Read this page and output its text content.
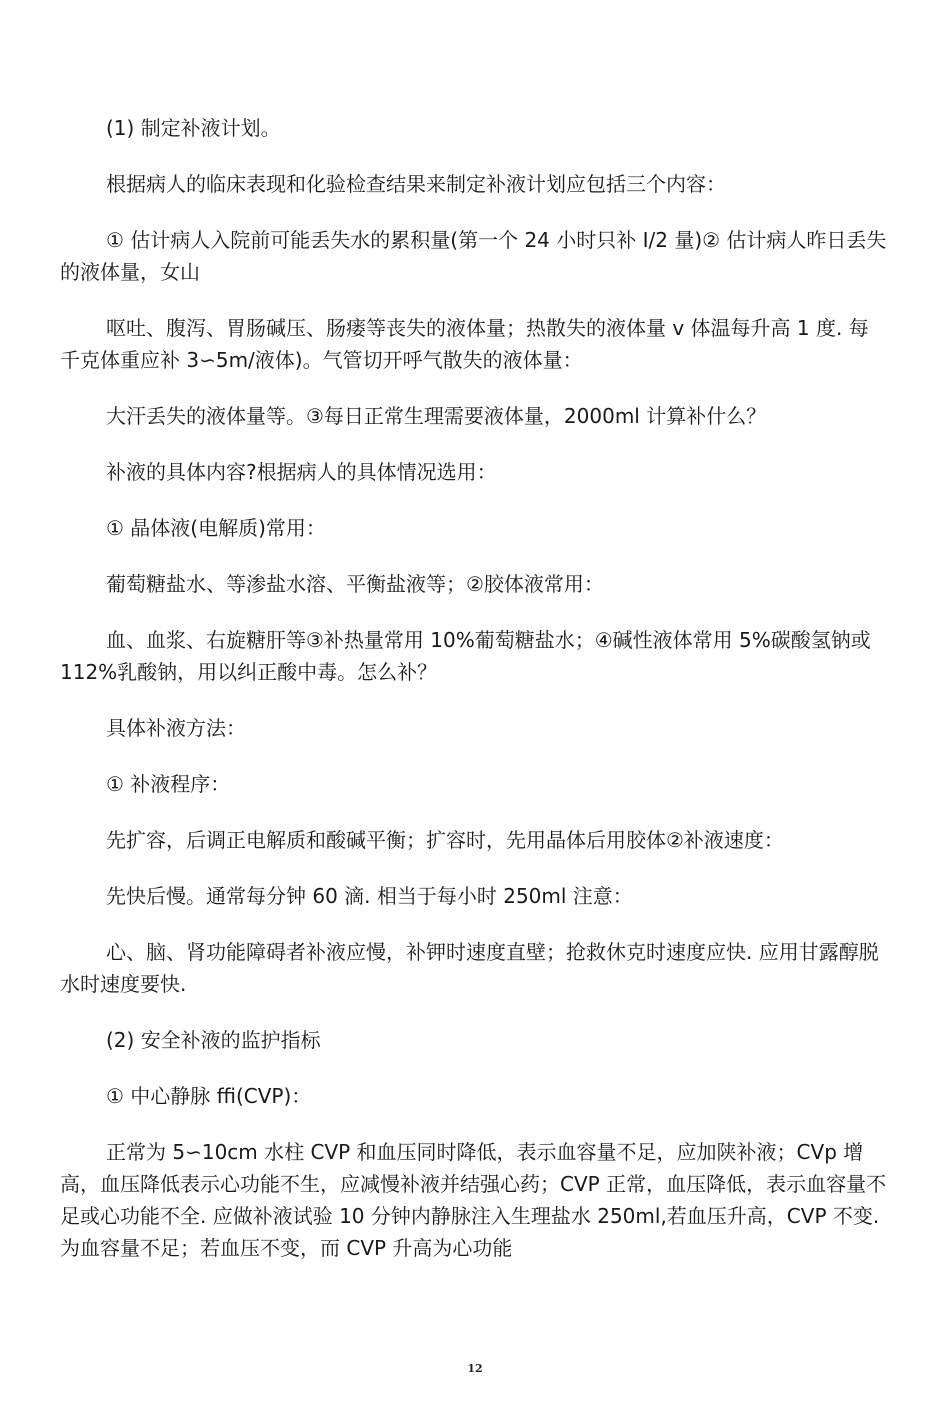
(1) 制定补液计划。

根据病人的临床表现和化验检查结果来制定补液计划应包括三个内容：

① 估计病人入院前可能丢失水的累积量(第一个 24 小时只补 I/2 量)② 估计病人昨日丢失的液体量，女山

呕吐、腹泻、胃肠碱压、肠瘘等丧失的液体量；热散失的液体量 v 体温每升高 1 度. 每千克体重应补 3∽5m/液体)。气管切开呼气散失的液体量：

大汗丢失的液体量等。③每日正常生理需要液体量，2000ml 计算补什么？

补液的具体内容?根据病人的具体情况选用：

① 晶体液(电解质)常用：

葡萄糖盐水、等渗盐水溶、平衡盐液等；②胶体液常用：

血、血浆、右旋糖肝等③补热量常用 10%葡萄糖盐水；④碱性液体常用 5%碳酸氢钠或 112%乳酸钠，用以纠正酸中毒。怎么补？

具体补液方法：

① 补液程序：

先扩容，后调正电解质和酸碱平衡；扩容时，先用晶体后用胶体②补液速度：

先快后慢。通常每分钟 60 滴. 相当于每小时 250ml 注意：

心、脑、肾功能障碍者补液应慢，补钾时速度直壁；抢救休克时速度应快. 应用甘露醇脱水时速度要快.

(2) 安全补液的监护指标

① 中心静脉 ffi(CVP)：

正常为 5∽10cm 水柱 CVP 和血压同时降低，表示血容量不足，应加陕补液；CVp 增高，血压降低表示心功能不生，应减慢补液并结强心药；CVP 正常，血压降低，表示血容量不足或心功能不全. 应做补液试验 10 分钟内静脉注入生理盐水 250ml,若血压升高，CVP 不变. 为血容量不足；若血压不变，而 CVP 升高为心功能

12
